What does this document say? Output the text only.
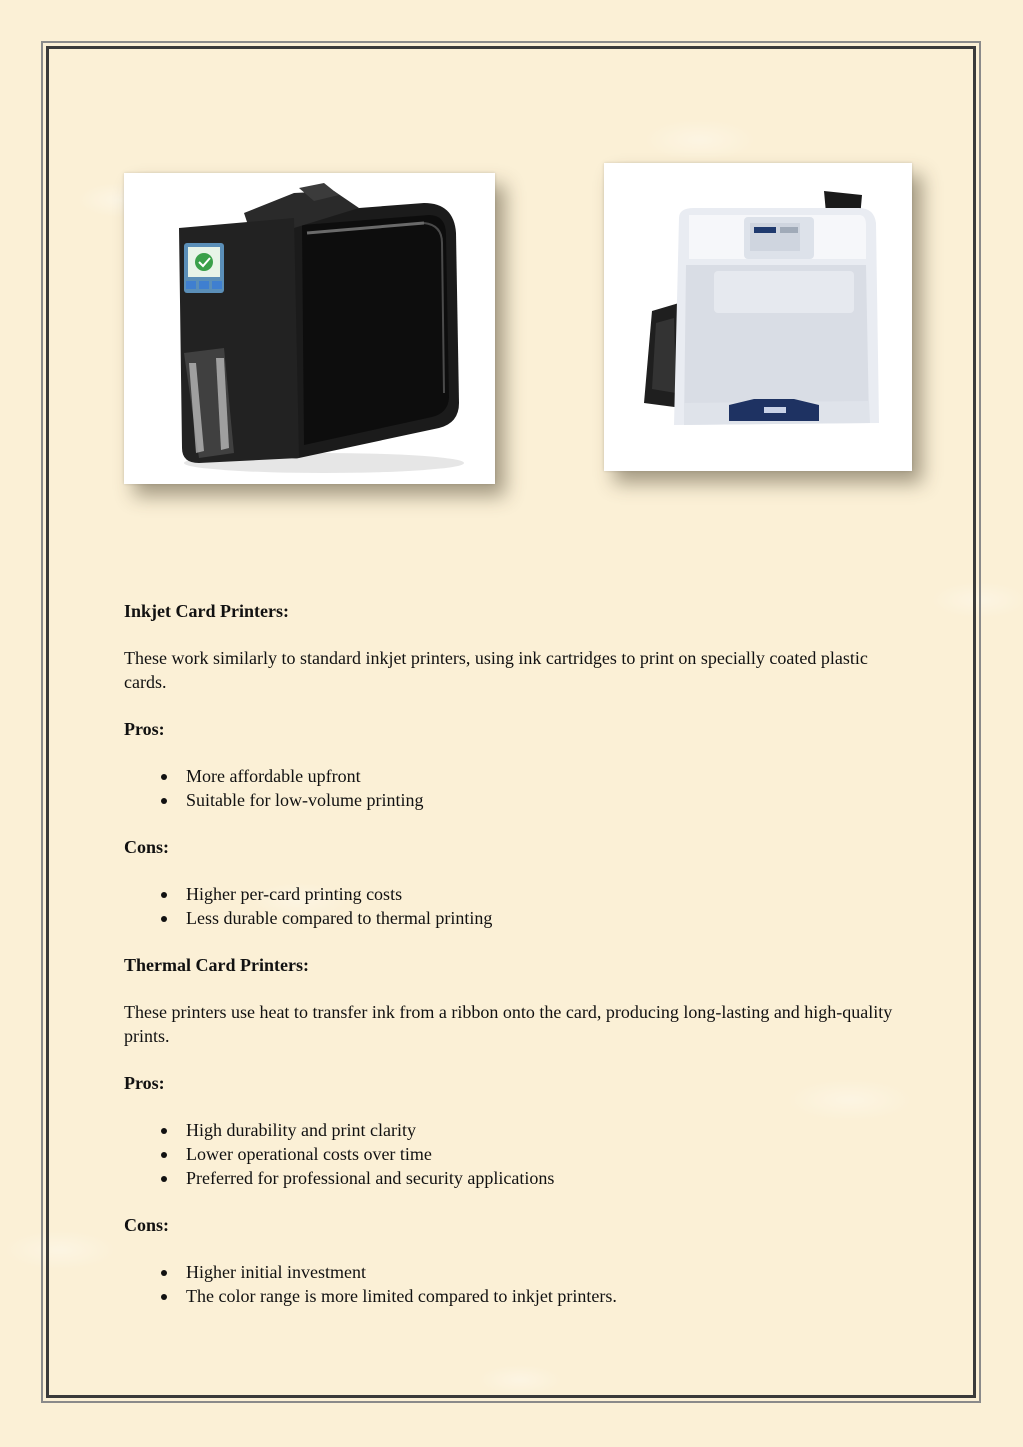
Inkjet Card Printers:

These work similarly to standard inkjet printers, using ink cartridges to print on specially coated plastic cards.

Pros:
More affordable upfront
Suitable for low-volume printing
Cons:
Higher per-card printing costs
Less durable compared to thermal printing
Thermal Card Printers:

These printers use heat to transfer ink from a ribbon onto the card, producing long-lasting and high-quality prints.

Pros:
High durability and print clarity
Lower operational costs over time
Preferred for professional and security applications
Cons:
Higher initial investment
The color range is more limited compared to inkjet printers.
